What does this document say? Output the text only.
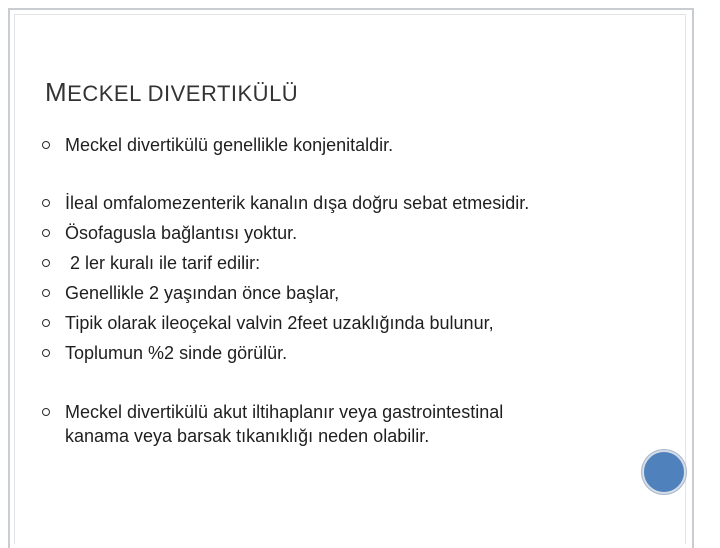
MECKEL DIVERTIKÜLÜ
Meckel divertikülü genellikle konjenitaldir.
İleal omfalomezenterik kanalın dışa doğru sebat etmesidir.
Ösofagusla bağlantısı yoktur.
2 ler kuralı ile tarif edilir:
Genellikle 2 yaşından önce başlar,
Tipik olarak ileoçekal valvin 2feet uzaklığında bulunur,
Toplumun %2 sinde görülür.
Meckel divertikülü akut iltihaplanır veya gastrointestinal kanama veya barsak tıkanıklığı neden olabilir.
